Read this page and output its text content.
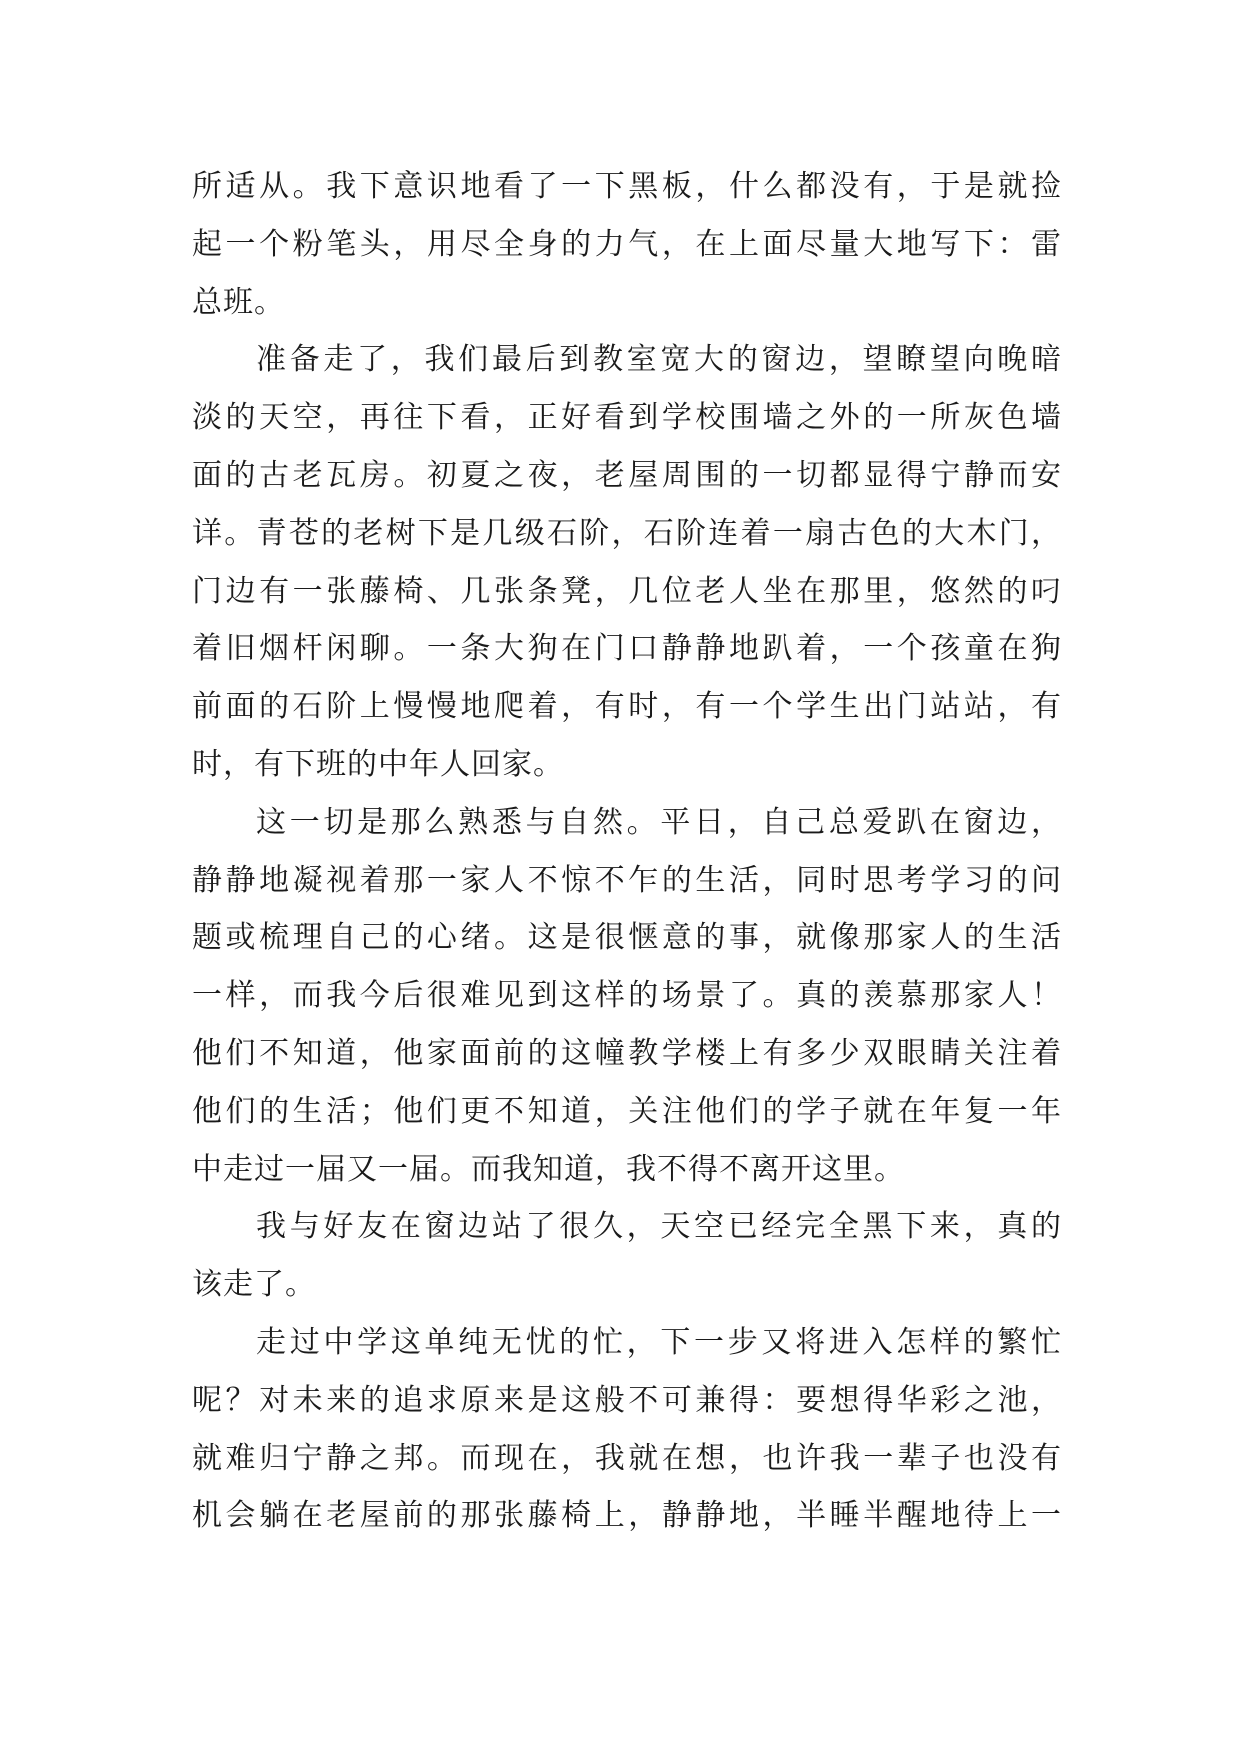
所适从。我下意识地看了一下黑板，什么都没有，于是就捡
起一个粉笔头，用尽全身的力气，在上面尽量大地写下：雷
总班。
准备走了，我们最后到教室宽大的窗边，望瞭望向晚暗
淡的天空，再往下看，正好看到学校围墙之外的一所灰色墙
面的古老瓦房。初夏之夜，老屋周围的一切都显得宁静而安
详。青苍的老树下是几级石阶，石阶连着一扇古色的大木门，
门边有一张藤椅、几张条凳，几位老人坐在那里，悠然的叼
着旧烟杆闲聊。一条大狗在门口静静地趴着，一个孩童在狗
前面的石阶上慢慢地爬着，有时，有一个学生出门站站，有
时，有下班的中年人回家。
这一切是那么熟悉与自然。平日，自己总爱趴在窗边，
静静地凝视着那一家人不惊不乍的生活，同时思考学习的问
题或梳理自己的心绪。这是很惬意的事，就像那家人的生活
一样，而我今后很难见到这样的场景了。真的羡慕那家人！
他们不知道，他家面前的这幢教学楼上有多少双眼睛关注着
他们的生活；他们更不知道，关注他们的学子就在年复一年
中走过一届又一届。而我知道，我不得不离开这里。
我与好友在窗边站了很久，天空已经完全黑下来，真的
该走了。
走过中学这单纯无忧的忙，下一步又将进入怎样的繁忙
呢？对未来的追求原来是这般不可兼得：要想得华彩之池，
就难归宁静之邦。而现在，我就在想，也许我一辈子也没有
机会躺在老屋前的那张藤椅上，静静地，半睡半醒地待上一
